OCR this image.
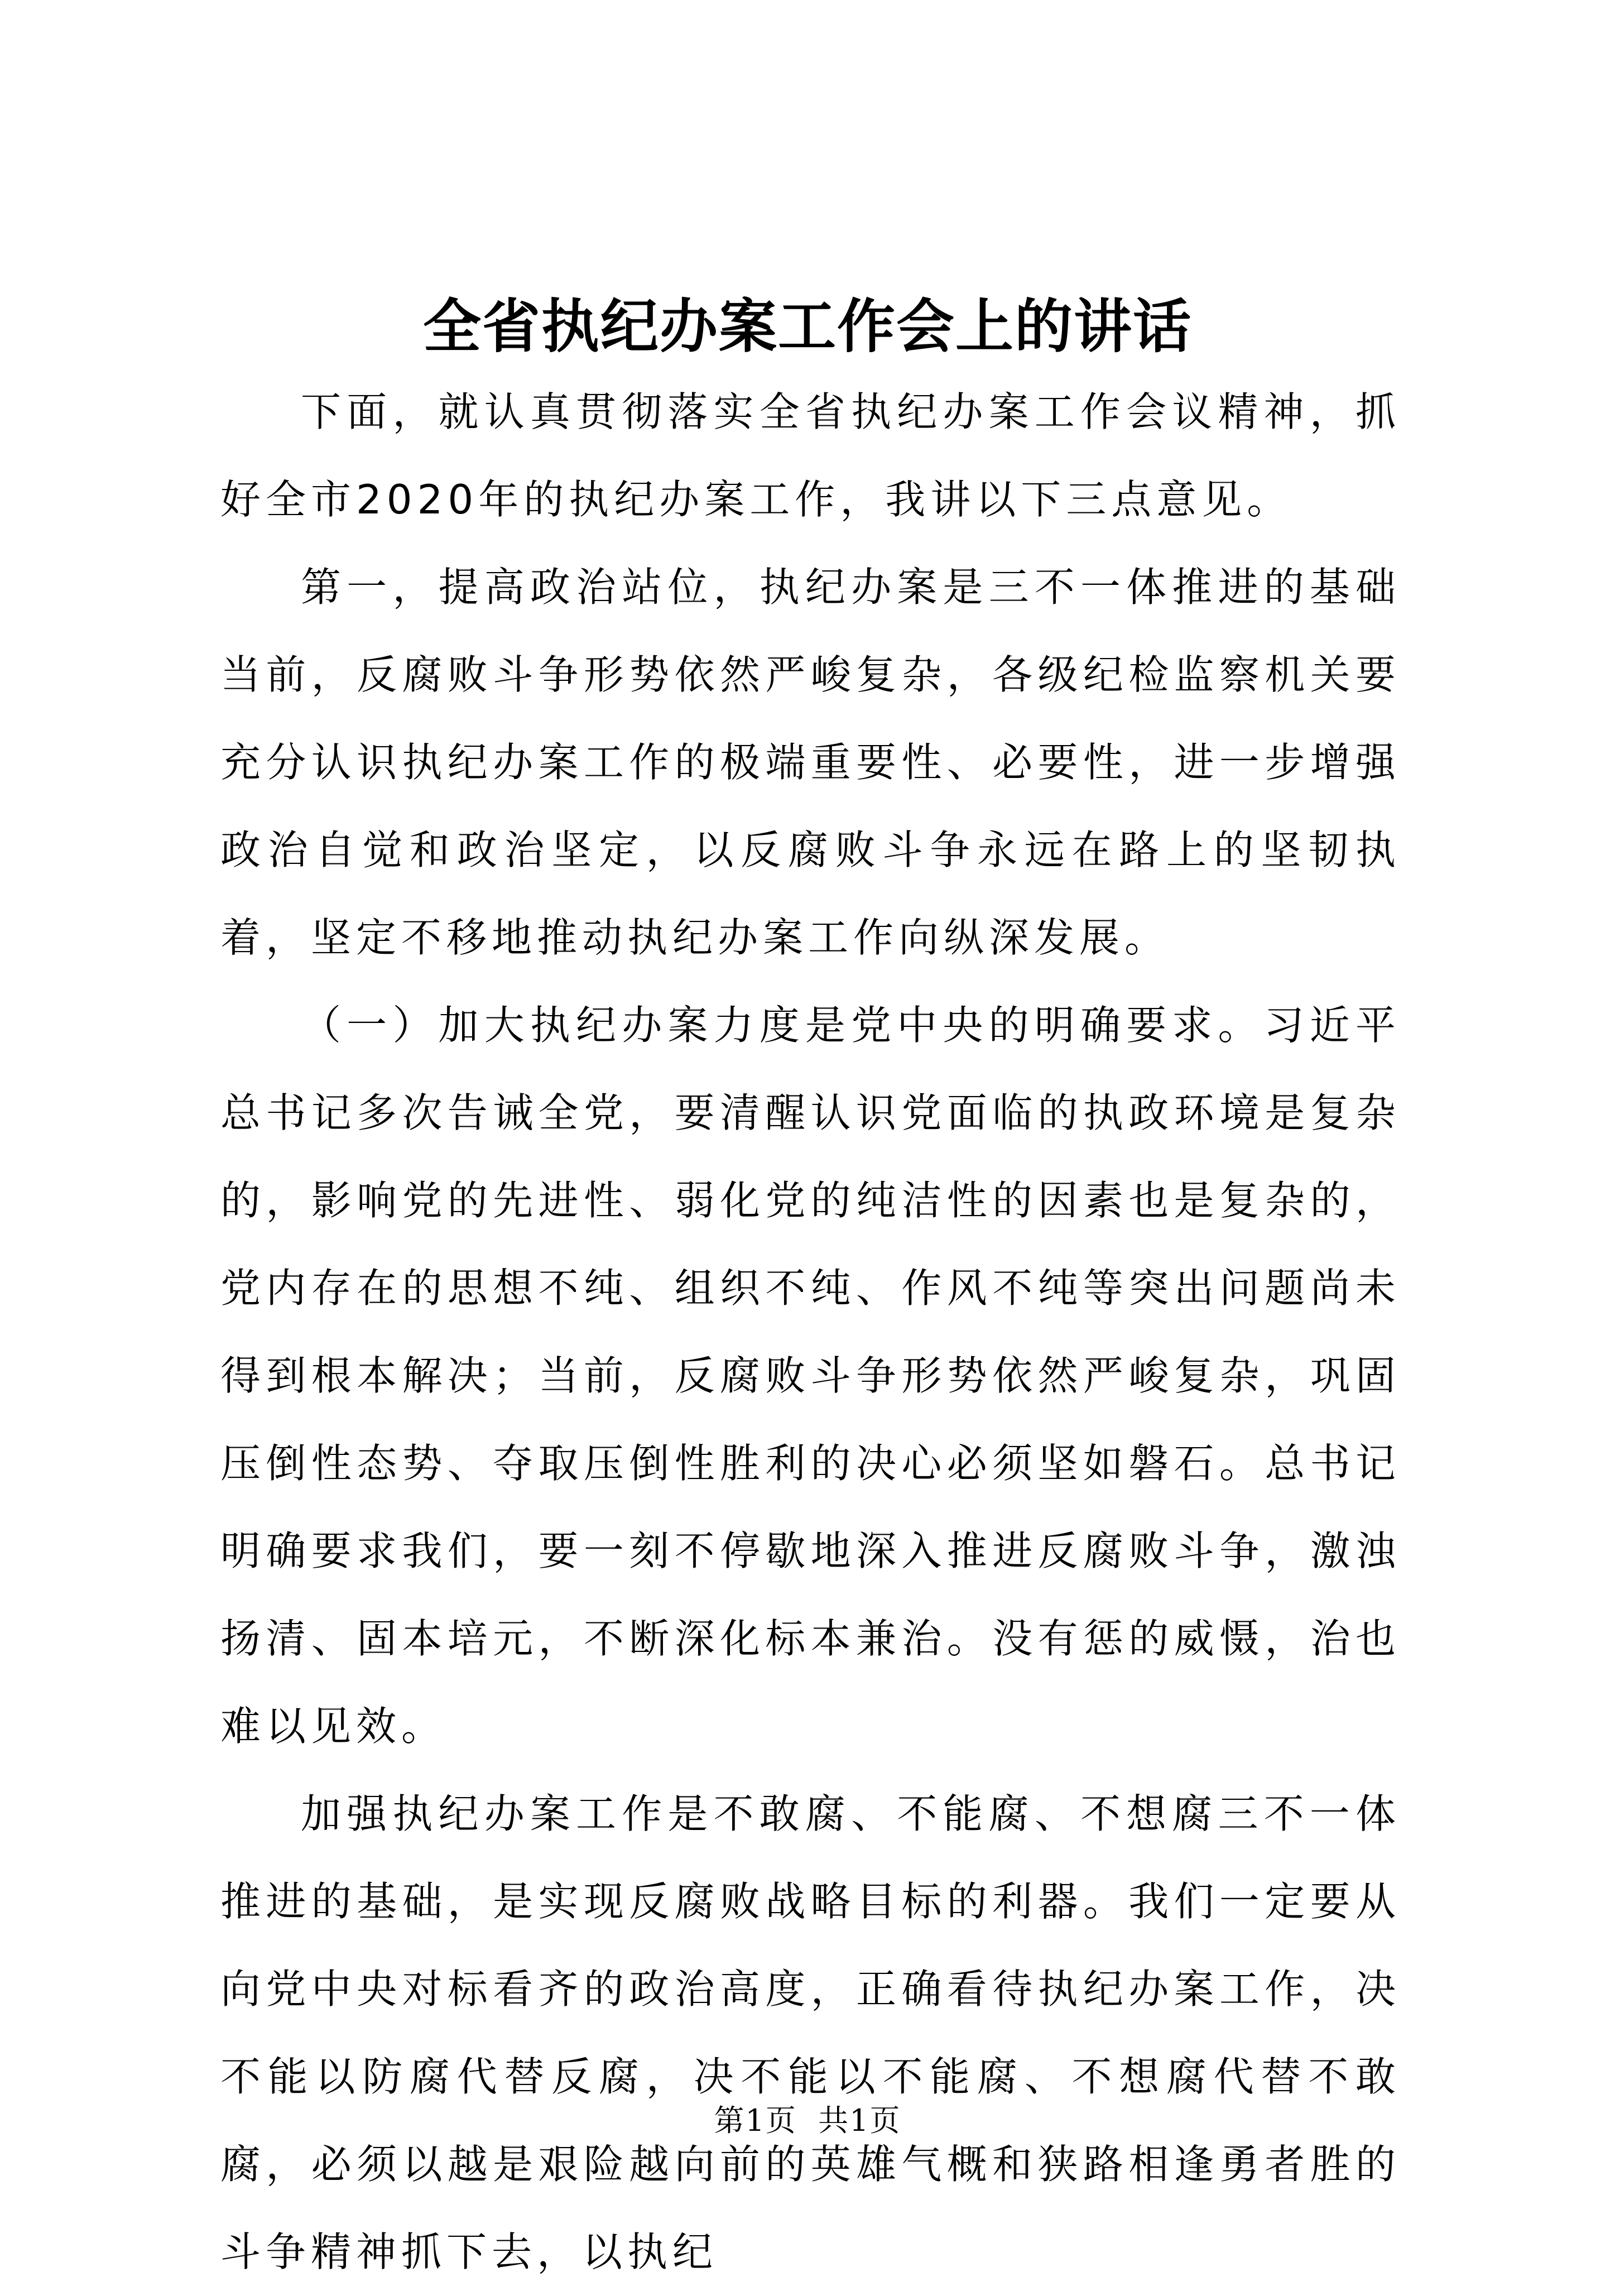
全省执纪办案工作会上的讲话

下面，就认真贯彻落实全省执纪办案工作会议精神，抓好全市2020年的执纪办案工作，我讲以下三点意见。

第一，提高政治站位，执纪办案是三不一体推进的基础当前，反腐败斗争形势依然严峻复杂，各级纪检监察机关要充分认识执纪办案工作的极端重要性、必要性，进一步增强政治自觉和政治坚定，以反腐败斗争永远在路上的坚韧执着，坚定不移地推动执纪办案工作向纵深发展。

（一）加大执纪办案力度是党中央的明确要求。习近平总书记多次告诫全党，要清醒认识党面临的执政环境是复杂的，影响党的先进性、弱化党的纯洁性的因素也是复杂的，党内存在的思想不纯、组织不纯、作风不纯等突出问题尚未得到根本解决；当前，反腐败斗争形势依然严峻复杂，巩固压倒性态势、夺取压倒性胜利的决心必须坚如磐石。总书记明确要求我们，要一刻不停歇地深入推进反腐败斗争，激浊扬清、固本培元，不断深化标本兼治。没有惩的威慑，治也难以见效。

加强执纪办案工作是不敢腐、不能腐、不想腐三不一体推进的基础，是实现反腐败战略目标的利器。我们一定要从向党中央对标看齐的政治高度，正确看待执纪办案工作，决不能以防腐代替反腐，决不能以不能腐、不想腐代替不敢腐，必须以越是艰险越向前的英雄气概和狭路相逢勇者胜的斗争精神抓下去，以执纪

第1页  共1页
